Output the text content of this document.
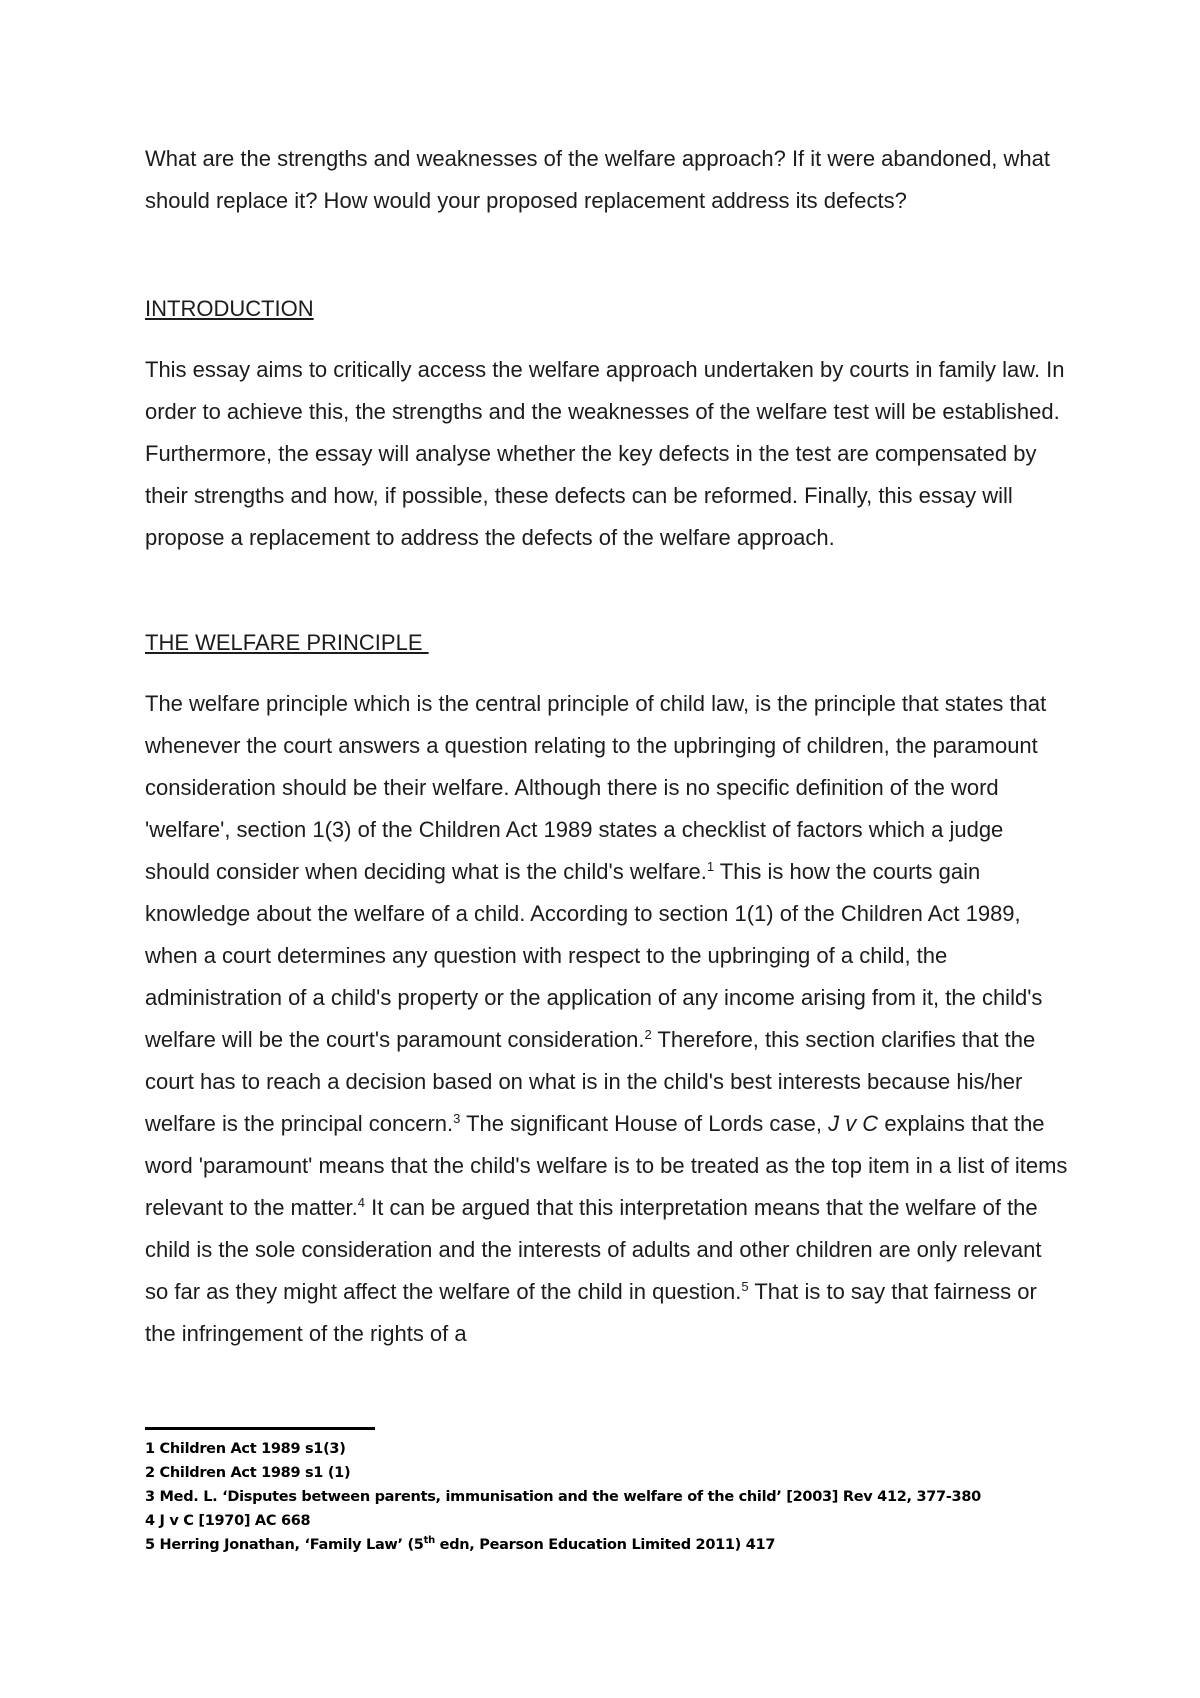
What are the strengths and weaknesses of the welfare approach? If it were abandoned, what should replace it? How would your proposed replacement address its defects?

INTRODUCTION

This essay aims to critically access the welfare approach undertaken by courts in family law. In order to achieve this, the strengths and the weaknesses of the welfare test will be established. Furthermore, the essay will analyse whether the key defects in the test are compensated by their strengths and how, if possible, these defects can be reformed. Finally, this essay will propose a replacement to address the defects of the welfare approach.

THE WELFARE PRINCIPLE

The welfare principle which is the central principle of child law, is the principle that states that whenever the court answers a question relating to the upbringing of children, the paramount consideration should be their welfare. Although there is no specific definition of the word 'welfare', section 1(3) of the Children Act 1989 states a checklist of factors which a judge should consider when deciding what is the child's welfare.$^1$ This is how the courts gain knowledge about the welfare of a child. According to section 1(1) of the Children Act 1989, when a court determines any question with respect to the upbringing of a child, the administration of a child's property or the application of any income arising from it, the child's welfare will be the court's paramount consideration.$^2$ Therefore, this section clarifies that the court has to reach a decision based on what is in the child's best interests because his/her welfare is the principal concern.$^3$ The significant House of Lords case, J v C explains that the word 'paramount' means that the child's welfare is to be treated as the top item in a list of items relevant to the matter.$^4$ It can be argued that this interpretation means that the welfare of the child is the sole consideration and the interests of adults and other children are only relevant so far as they might affect the welfare of the child in question.$^5$ That is to say that fairness or the infringement of the rights of a

1 Children Act 1989 s1(3)
2 Children Act 1989 s1 (1)
3 Med. L. ‘Disputes between parents, immunisation and the welfare of the child’ [2003] Rev 412, 377-380
4 J v C [1970] AC 668
5 Herring Jonathan, ‘Family Law’ (5th edn, Pearson Education Limited 2011) 417
